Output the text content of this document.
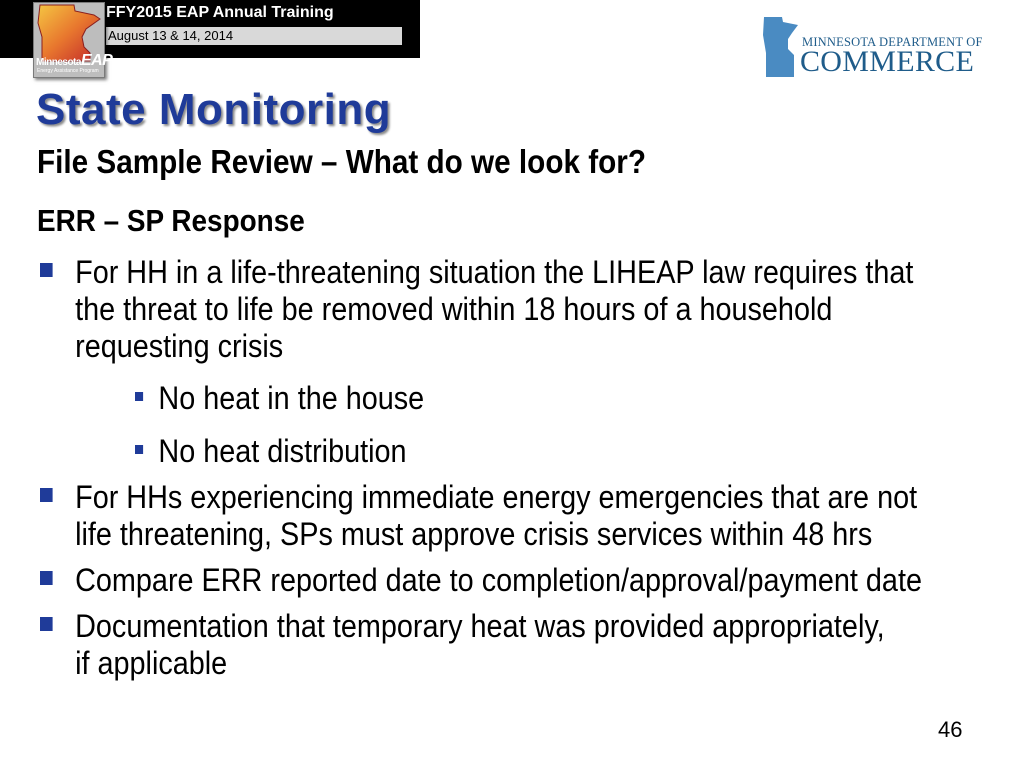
FFY2015 EAP Annual Training
August 13 & 14, 2014
MinnesotaEAP
Energy Assistance Program
MINNESOTA DEPARTMENT OF
COMMERCE
State Monitoring
File Sample Review – What do we look for?
ERR – SP Response
For HH in a life-threatening situation the LIHEAP law requires that
the threat to life be removed within 18 hours of a household
requesting crisis
No heat in the house
No heat distribution
For HHs experiencing immediate energy emergencies that are not
life threatening, SPs must approve crisis services within 48 hrs
Compare ERR reported date to completion/approval/payment date
Documentation that temporary heat was provided appropriately,
if applicable
46
